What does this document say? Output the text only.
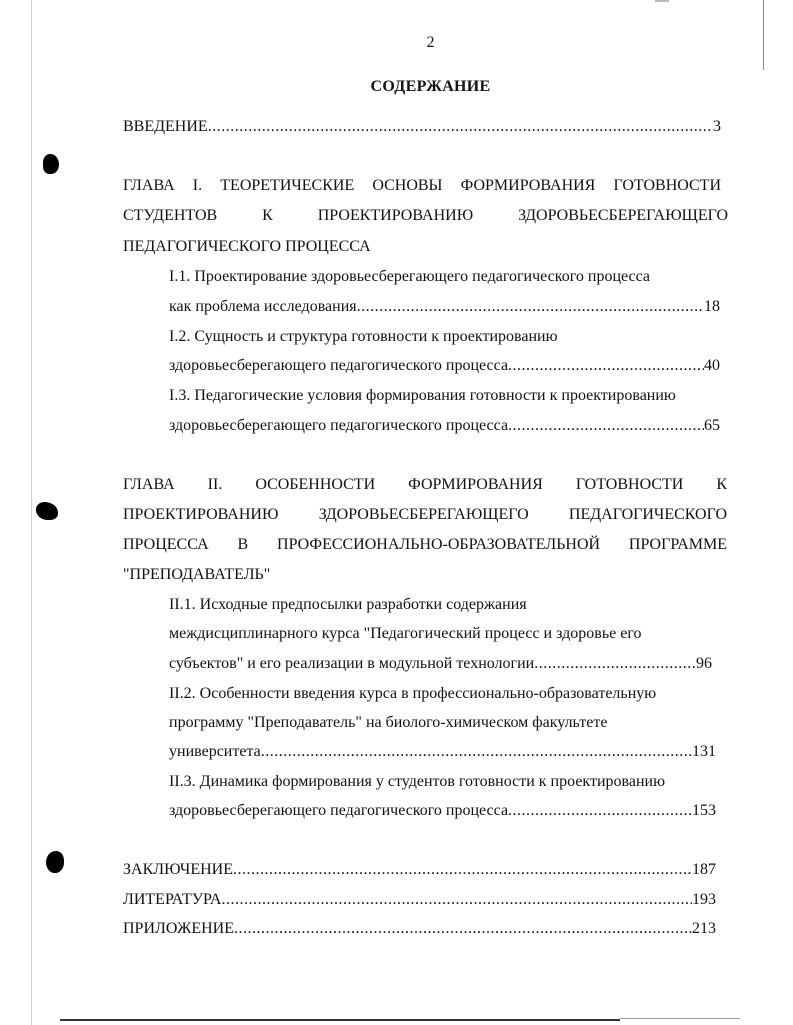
2
СОДЕРЖАНИЕ
ВВЕДЕНИЕ .....	3
ГЛАВА I. ТЕОРЕТИЧЕСКИЕ ОСНОВЫ ФОРМИРОВАНИЯ ГОТОВНОСТИ
СТУДЕНТОВ К ПРОЕКТИРОВАНИЮ ЗДОРОВЬЕСБЕРЕГАЮЩЕГО
ПЕДАГОГИЧЕСКОГО ПРОЦЕССА
I.1. Проектирование здоровьесберегающего педагогического процесса
как проблема исследования .....	18
I.2. Сущность и структура готовности к проектированию
здоровьесберегающего педагогического процесса .....	40
I.3. Педагогические условия формирования готовности к проектированию
здоровьесберегающего педагогического процесса .....	65
ГЛАВА II. ОСОБЕННОСТИ ФОРМИРОВАНИЯ ГОТОВНОСТИ К
ПРОЕКТИРОВАНИЮ ЗДОРОВЬЕСБЕРЕГАЮЩЕГО ПЕДАГОГИЧЕСКОГО
ПРОЦЕССА В ПРОФЕССИОНАЛЬНО-ОБРАЗОВАТЕЛЬНОЙ ПРОГРАММЕ
"ПРЕПОДАВАТЕЛЬ"
II.1. Исходные предпосылки разработки содержания
междисциплинарного курса "Педагогический процесс и здоровье его
субъектов" и его реализации в модульной технологии .....	96
II.2. Особенности введения курса в профессионально-образовательную
программу "Преподаватель" на биолого-химическом факультете
университета .....	131
II.3. Динамика формирования у студентов готовности к проектированию
здоровьесберегающего педагогического процесса .....	153
ЗАКЛЮЧЕНИЕ .....	187
ЛИТЕРАТУРА .....	193
ПРИЛОЖЕНИЕ .....	213
